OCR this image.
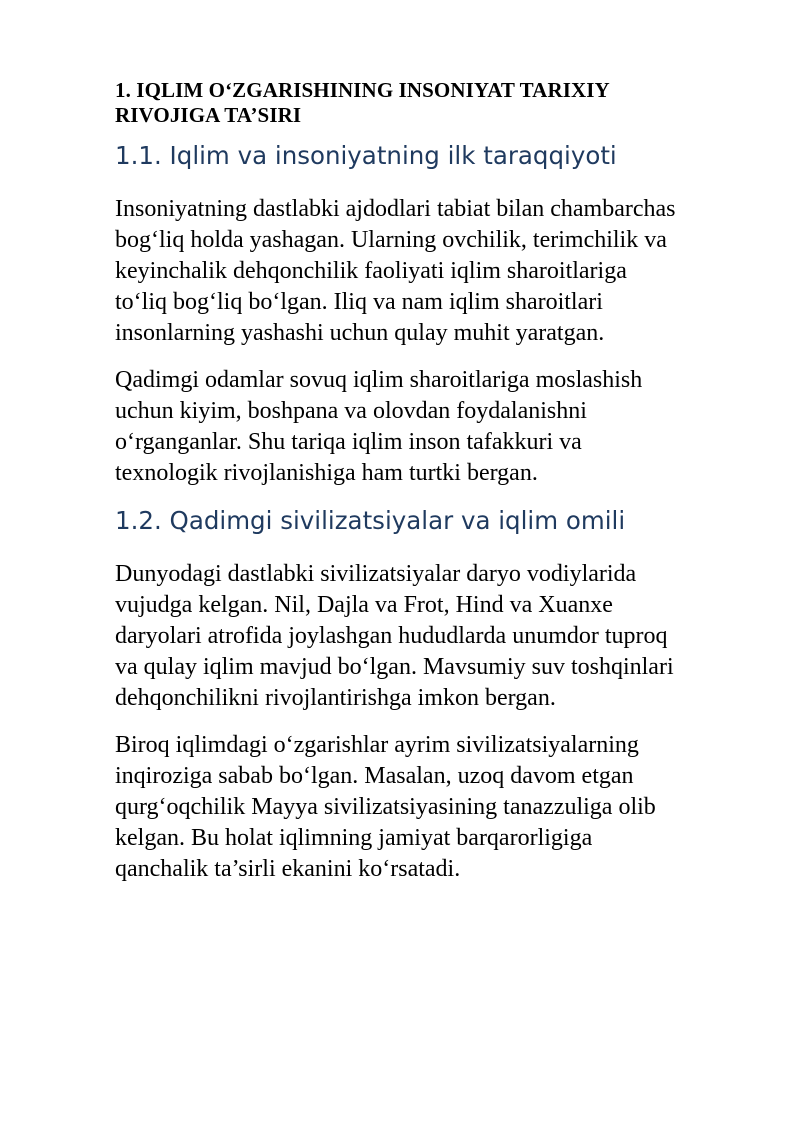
1. IQLIM O‘ZGARISHINING INSONIYAT TARIXIY
RIVOJIGA TA’SIRI
1.1. Iqlim va insoniyatning ilk taraqqiyoti

Insoniyatning dastlabki ajdodlari tabiat bilan chambarchas
bog‘liq holda yashagan. Ularning ovchilik, terimchilik va
keyinchalik dehqonchilik faoliyati iqlim sharoitlariga
to‘liq bog‘liq bo‘lgan. Iliq va nam iqlim sharoitlari
insonlarning yashashi uchun qulay muhit yaratgan.

Qadimgi odamlar sovuq iqlim sharoitlariga moslashish
uchun kiyim, boshpana va olovdan foydalanishni
o‘rganganlar. Shu tariqa iqlim inson tafakkuri va
texnologik rivojlanishiga ham turtki bergan.

1.2. Qadimgi sivilizatsiyalar va iqlim omili

Dunyodagi dastlabki sivilizatsiyalar daryo vodiylarida
vujudga kelgan. Nil, Dajla va Frot, Hind va Xuanxe
daryolari atrofida joylashgan hududlarda unumdor tuproq
va qulay iqlim mavjud bo‘lgan. Mavsumiy suv toshqinlari
dehqonchilikni rivojlantirishga imkon bergan.

Biroq iqlimdagi o‘zgarishlar ayrim sivilizatsiyalarning
inqiroziga sabab bo‘lgan. Masalan, uzoq davom etgan
qurg‘oqchilik Mayya sivilizatsiyasining tanazzuliga olib
kelgan. Bu holat iqlimning jamiyat barqarorligiga
qanchalik ta’sirli ekanini ko‘rsatadi.
